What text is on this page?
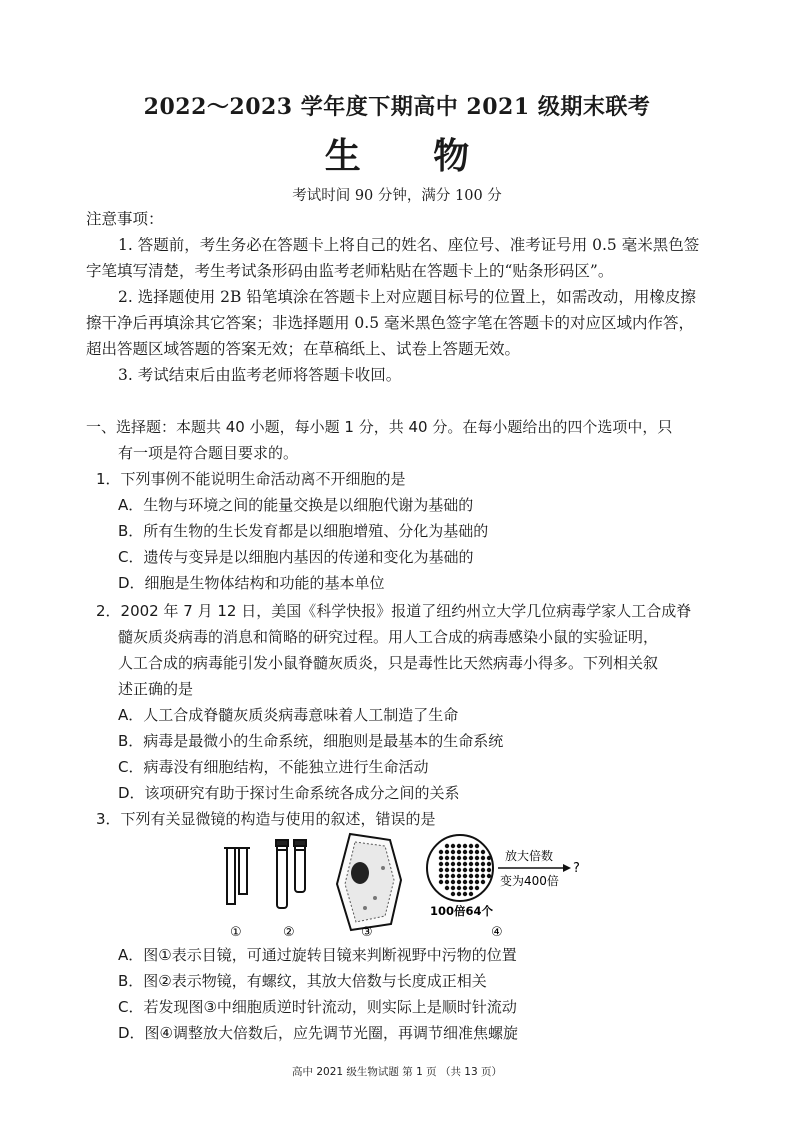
2022～2023 学年度下期高中 2021 级期末联考
生 物
考试时间 90 分钟，满分 100 分
注意事项：
1. 答题前，考生务必在答题卡上将自己的姓名、座位号、准考证号用 0.5 毫米黑色签
字笔填写清楚，考生考试条形码由监考老师粘贴在答题卡上的“贴条形码区”。
2. 选择题使用 2B 铅笔填涂在答题卡上对应题目标号的位置上，如需改动，用橡皮擦
擦干净后再填涂其它答案；非选择题用 0.5 毫米黑色签字笔在答题卡的对应区域内作答，
超出答题区域答题的答案无效；在草稿纸上、试卷上答题无效。
3. 考试结束后由监考老师将答题卡收回。
一、选择题：本题共 40 小题，每小题 1 分，共 40 分。在每小题给出的四个选项中，只
有一项是符合题目要求的。
1．下列事例不能说明生命活动离不开细胞的是
A．生物与环境之间的能量交换是以细胞代谢为基础的
B．所有生物的生长发育都是以细胞增殖、分化为基础的
C．遗传与变异是以细胞内基因的传递和变化为基础的
D．细胞是生物体结构和功能的基本单位
2．2002 年 7 月 12 日，美国《科学快报》报道了纽约州立大学几位病毒学家人工合成脊
髓灰质炎病毒的消息和简略的研究过程。用人工合成的病毒感染小鼠的实验证明，
人工合成的病毒能引发小鼠脊髓灰质炎，只是毒性比天然病毒小得多。下列相关叙
述正确的是
A．人工合成脊髓灰质炎病毒意味着人工制造了生命
B．病毒是最微小的生命系统，细胞则是最基本的生命系统
C．病毒没有细胞结构，不能独立进行生命活动
D．该项研究有助于探讨生命系统各成分之间的关系
3．下列有关显微镜的构造与使用的叙述，错误的是
放大倍数
变为400倍
?
100倍64个
①	②	③	④
A．图①表示目镜，可通过旋转目镜来判断视野中污物的位置
B．图②表示物镜，有螺纹，其放大倍数与长度成正相关
C．若发现图③中细胞质逆时针流动，则实际上是顺时针流动
D．图④调整放大倍数后，应先调节光圈，再调节细准焦螺旋
高中 2021 级生物试题 第 1 页 （共 13 页）
